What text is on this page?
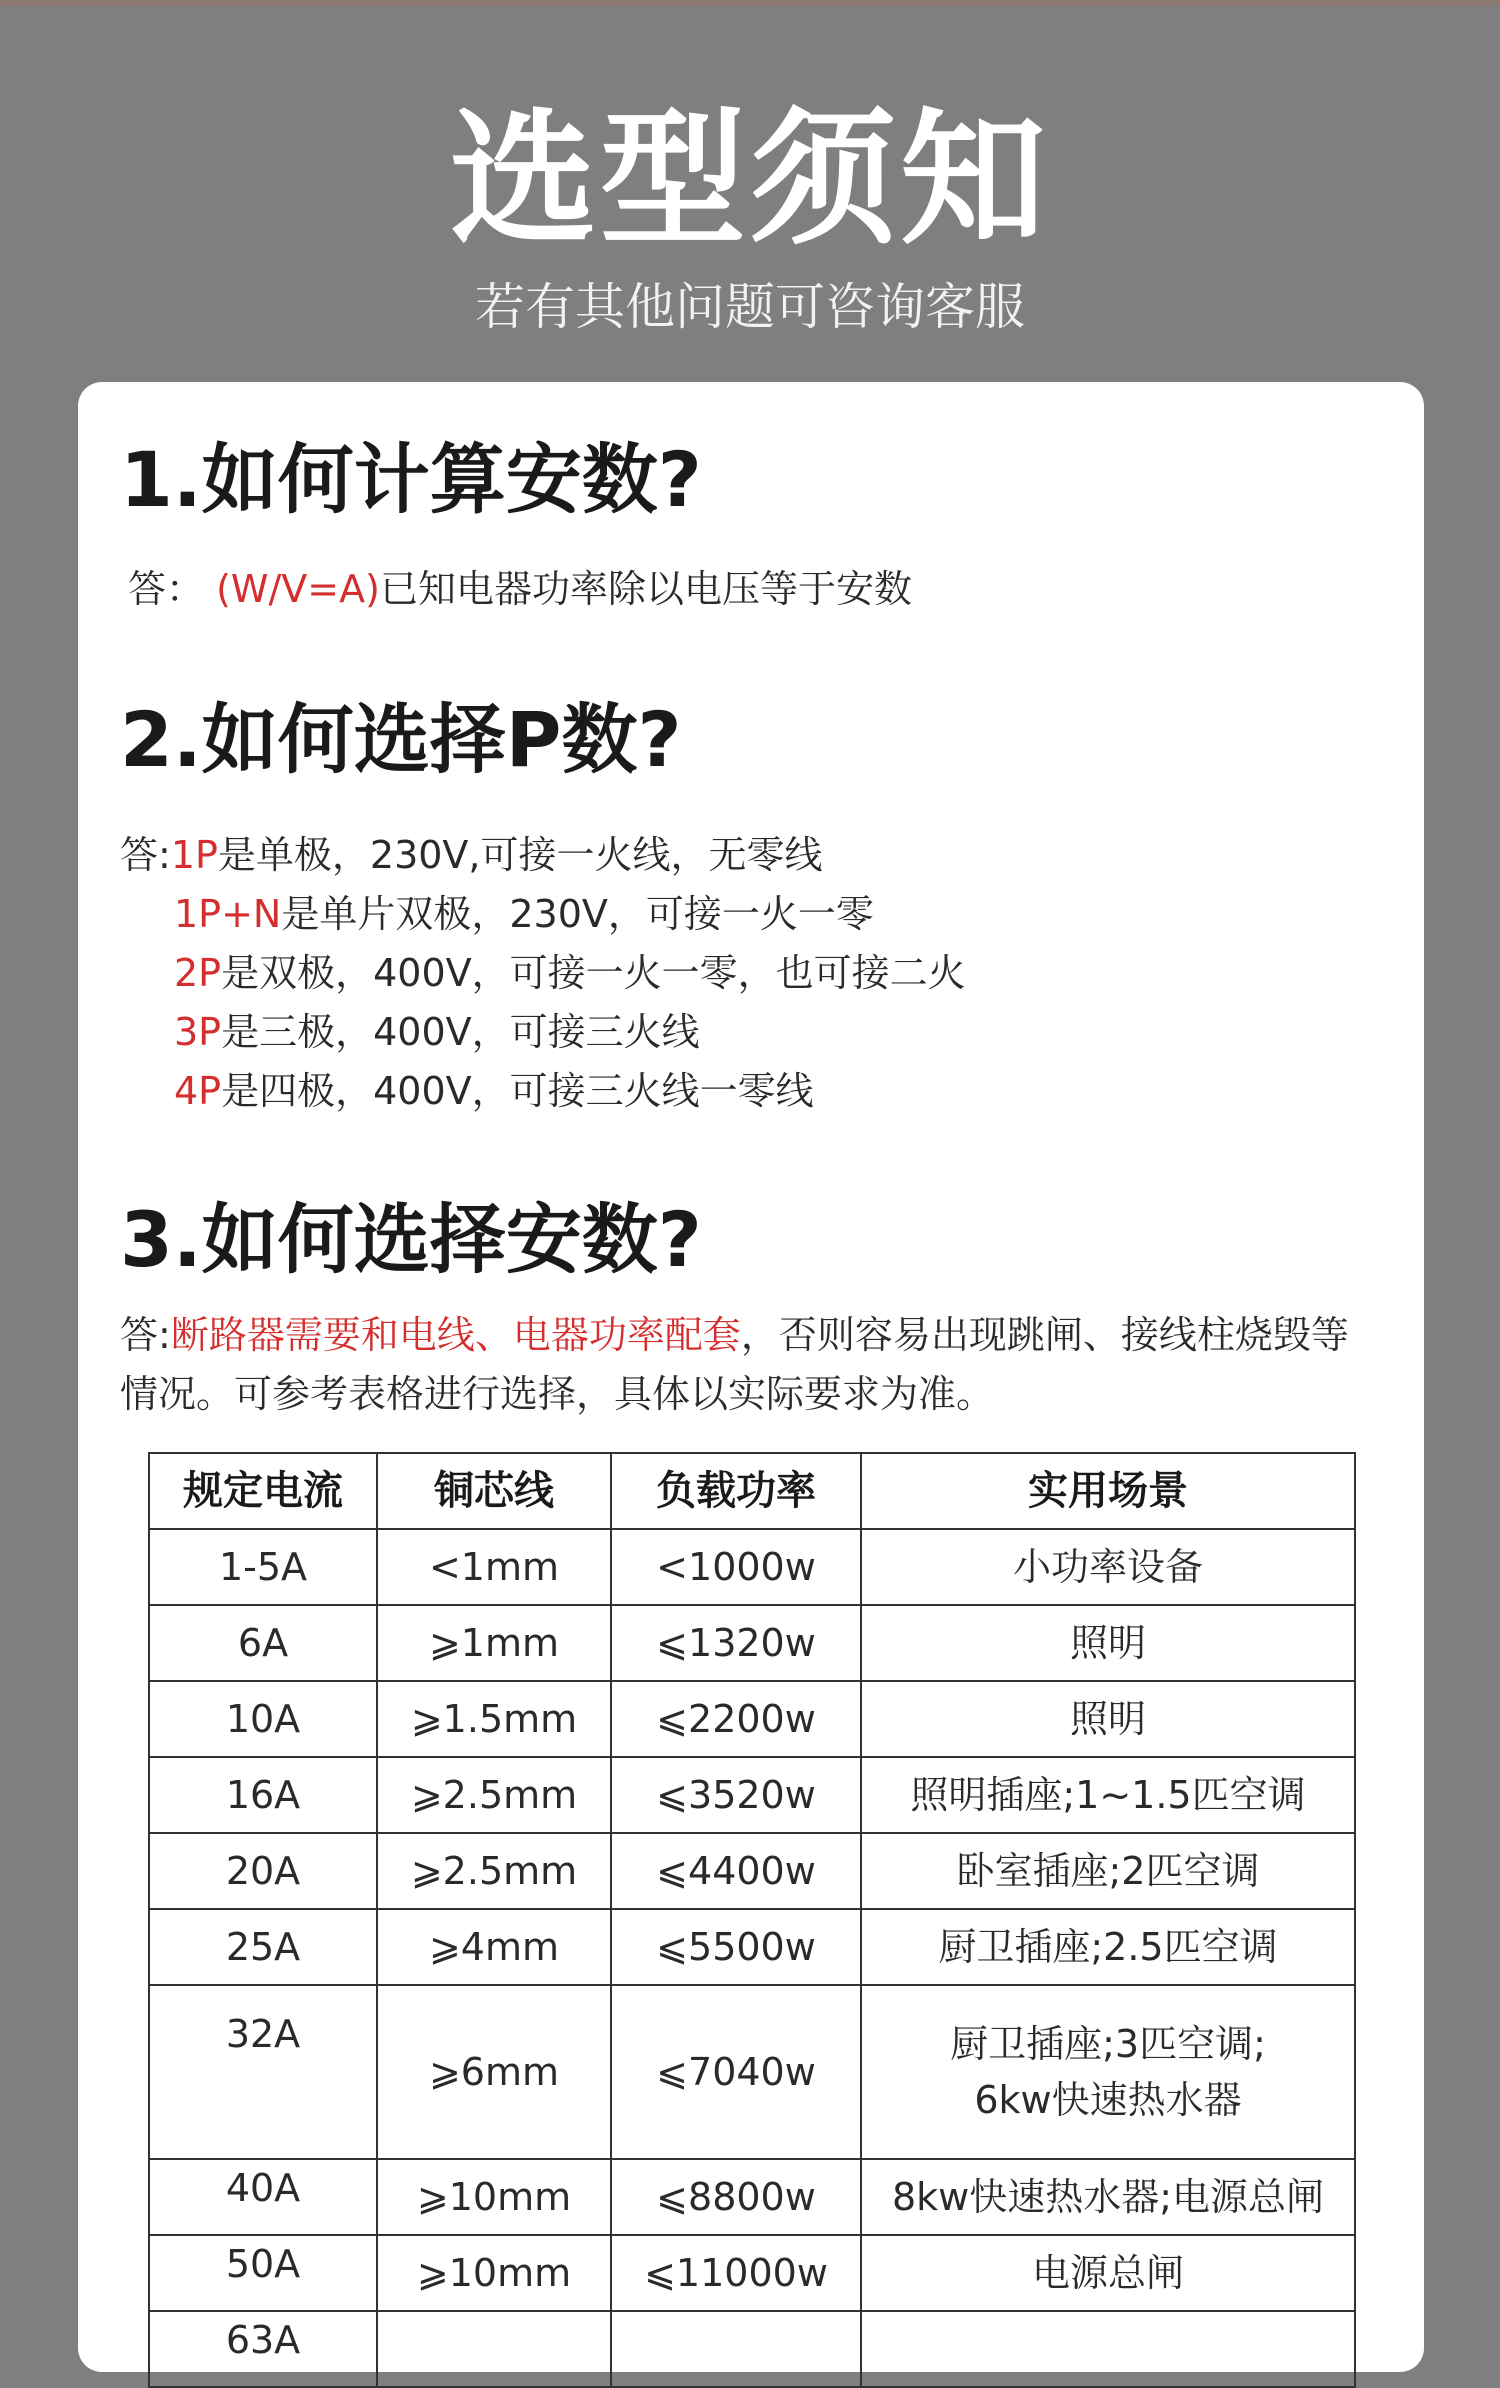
选型须知
若有其他问题可咨询客服
1.如何计算安数?
答： (W/V=A)已知电器功率除以电压等于安数
2.如何选择P数?
答:1P是单极，230V,可接一火线，无零线
1P+N是单片双极，230V，可接一火一零
2P是双极，400V，可接一火一零，也可接二火
3P是三极，400V，可接三火线
4P是四极，400V，可接三火线一零线
3.如何选择安数?
答:断路器需要和电线、电器功率配套，否则容易出现跳闸、接线柱烧毁等
情况。可参考表格进行选择，具体以实际要求为准。
规定电流	铜芯线	负载功率	实用场景
1-5A	<1mm	<1000w	小功率设备
6A	⩾1mm	⩽1320w	照明
10A	⩾1.5mm	⩽2200w	照明
16A	⩾2.5mm	⩽3520w	照明插座;1~1.5匹空调
20A	⩾2.5mm	⩽4400w	卧室插座;2匹空调
25A	⩾4mm	⩽5500w	厨卫插座;2.5匹空调
32A	⩾6mm	⩽7040w	厨卫插座;3匹空调;
6kw快速热水器

40A	⩾10mm	⩽8800w	8kw快速热水器;电源总闸
50A	⩾10mm	⩽11000w	电源总闸
63A			
